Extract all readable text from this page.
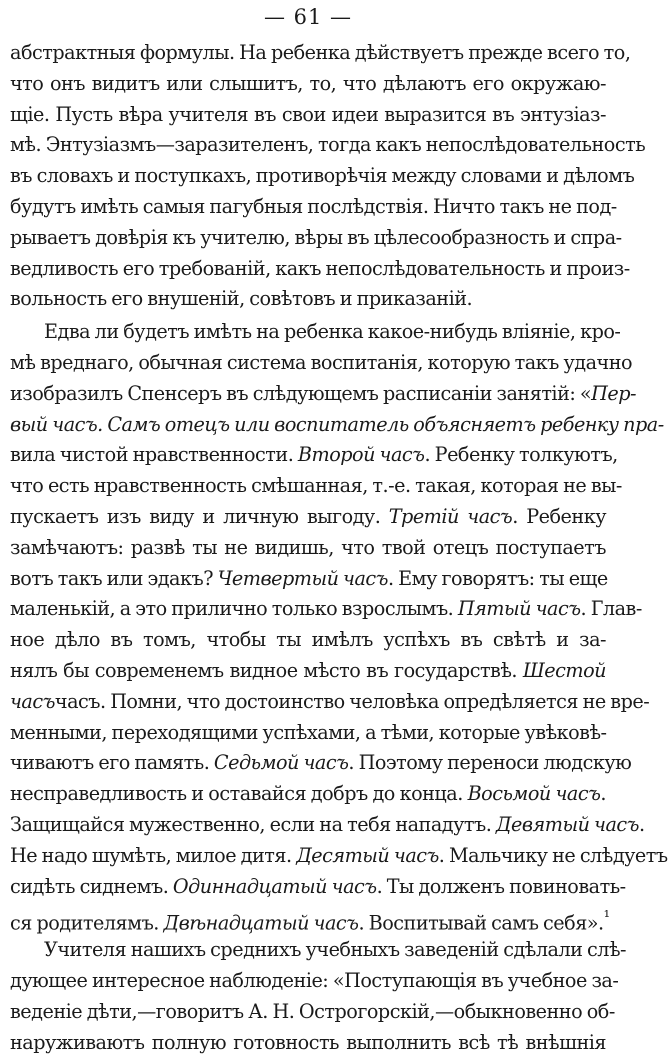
— 61 —
абстрактныя формулы. На ребенка дѣйствуетъ прежде всего то,
что онъ видитъ или слышитъ, то, что дѣлаютъ его окружаю-
щіе. Пусть вѣра учителя въ свои идеи выразится въ энтузіаз-
мѣ. Энтузіазмъ—заразителенъ, тогда какъ непослѣдовательность
въ словахъ и поступкахъ, противорѣчія между словами и дѣломъ
будутъ имѣть самыя пагубныя послѣдствія. Ничто такъ не под-
рываетъ довѣрія къ учителю, вѣры въ цѣлесообразность и спра-
ведливость его требованій, какъ непослѣдовательность и произ-
вольность его внушеній, совѣтовъ и приказаній.
Едва ли будетъ имѣть на ребенка какое-нибудь вліяніе, кро-
мѣ вреднаго, обычная система воспитанія, которую такъ удачно
изобразилъ Спенсеръ въ слѣдующемъ расписаніи занятій: «Пер-
вый часъ. Самъ отецъ или воспитатель объясняетъ ребенку пра-
вила чистой нравственности. Второй часъ. Ребенку толкуютъ,
что есть нравственность смѣшанная, т.-е. такая, которая не вы-
пускаетъ изъ виду и личную выгоду. Третій часъ. Ребенку
замѣчаютъ: развѣ ты не видишь, что твой отецъ поступаетъ
вотъ такъ или эдакъ? Четвертый часъ. Ему говорятъ: ты еще
маленькій, а это прилично только взрослымъ. Пятый часъ. Глав-
ное дѣло въ томъ, чтобы ты имѣлъ успѣхъ въ свѣтѣ и за-
нялъ бы современемъ видное мѣсто въ государствѣ. Шестой
часъчасъ. Помни, что достоинство человѣка опредѣляется не вре-
менными, переходящими успѣхами, а тѣми, которые увѣковѣ-
чиваютъ его память. Седьмой часъ. Поэтому переноси людскую
несправедливость и оставайся добръ до конца. Восьмой часъ.
Защищайся мужественно, если на тебя нападутъ. Девятый часъ.
Не надо шумѣть, милое дитя. Десятый часъ. Мальчику не слѣдуетъ
сидѣть сиднемъ. Одиннадцатый часъ. Ты долженъ повиновать-
ся родителямъ. Двѣнадцатый часъ. Воспитывай самъ себя».$^{^1}$
Учителя нашихъ среднихъ учебныхъ заведеній сдѣлали слѣ-
дующее интересное наблюденіе: «Поступающія въ учебное за-
веденіе дѣти,—говоритъ А. Н. Острогорскій,—обыкновенно об-
наруживаютъ полную готовность выполнить всѣ тѣ внѣшнія
